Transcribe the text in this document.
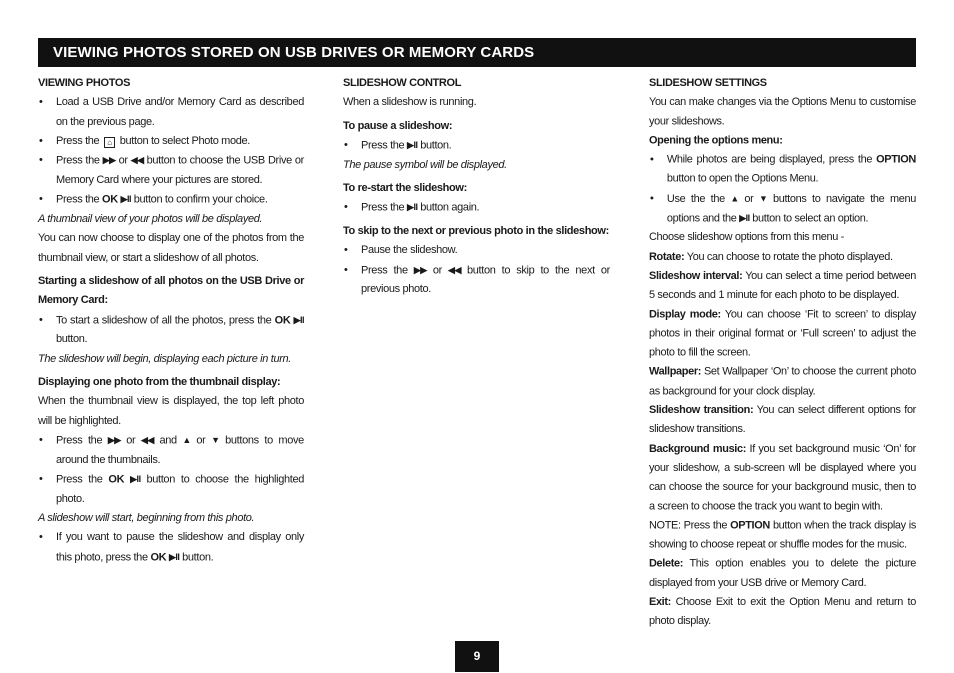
VIEWING PHOTOS STORED ON USB DRIVES OR MEMORY CARDS

VIEWING PHOTOS

• Load a USB Drive and/or Memory Card as described on the previous page.
• Press the ⌂ button to select Photo mode.
• Press the ▶▶ or ◀◀ button to choose the USB Drive or Memory Card where your pictures are stored.
• Press the OK ▶II button to confirm your choice.

A thumbnail view of your photos will be displayed.

You can now choose to display one of the photos from the thumbnail view, or start a slideshow of all photos.

Starting a slideshow of all photos on the USB Drive or Memory Card:

• To start a slideshow of all the photos, press the OK ▶II button.

The slideshow will begin, displaying each picture in turn.

Displaying one photo from the thumbnail display:

When the thumbnail view is displayed, the top left photo will be highlighted.

• Press the ▶▶ or ◀◀ and ▲ or ▼ buttons to move around the thumbnails.
• Press the OK ▶II button to choose the highlighted photo.

A slideshow will start, beginning from this photo.

• If you want to pause the slideshow and display only this photo, press the OK ▶II button.

SLIDESHOW CONTROL

When a slideshow is running.

To pause a slideshow:

• Press the ▶II button.

The pause symbol will be displayed.

To re-start the slideshow:

• Press the ▶II button again.

To skip to the next or previous photo in the slideshow:

• Pause the slideshow.
• Press the ▶▶ or ◀◀ button to skip to the next or previous photo.

SLIDESHOW SETTINGS

You can make changes via the Options Menu to customise your slideshows.

Opening the options menu:

• While photos are being displayed, press the OPTION button to open the Options Menu.
• Use the the ▲ or ▼ buttons to navigate the menu options and the ▶II button to select an option.

Choose slideshow options from this menu -

Rotate: You can choose to rotate the photo displayed.

Slideshow interval: You can select a time period between 5 seconds and 1 minute for each photo to be displayed.

Display mode: You can choose ‘Fit to screen’ to display photos in their original format or ‘Full screen’ to adjust the photo to fill the screen.

Wallpaper: Set Wallpaper ‘On’ to choose the current photo as background for your clock display.

Slideshow transition: You can select different options for slideshow transitions.

Background music: If you set background music ‘On’ for your slideshow, a sub-screen wll be displayed where you can choose the source for your background music, then to a screen to choose the track you want to begin with.

NOTE: Press the OPTION button when the track display is showing to choose repeat or shuffle modes for the music.

Delete: This option enables you to delete the picture displayed from your USB drive or Memory Card.

Exit: Choose Exit to exit the Option Menu and return to photo display.

9
